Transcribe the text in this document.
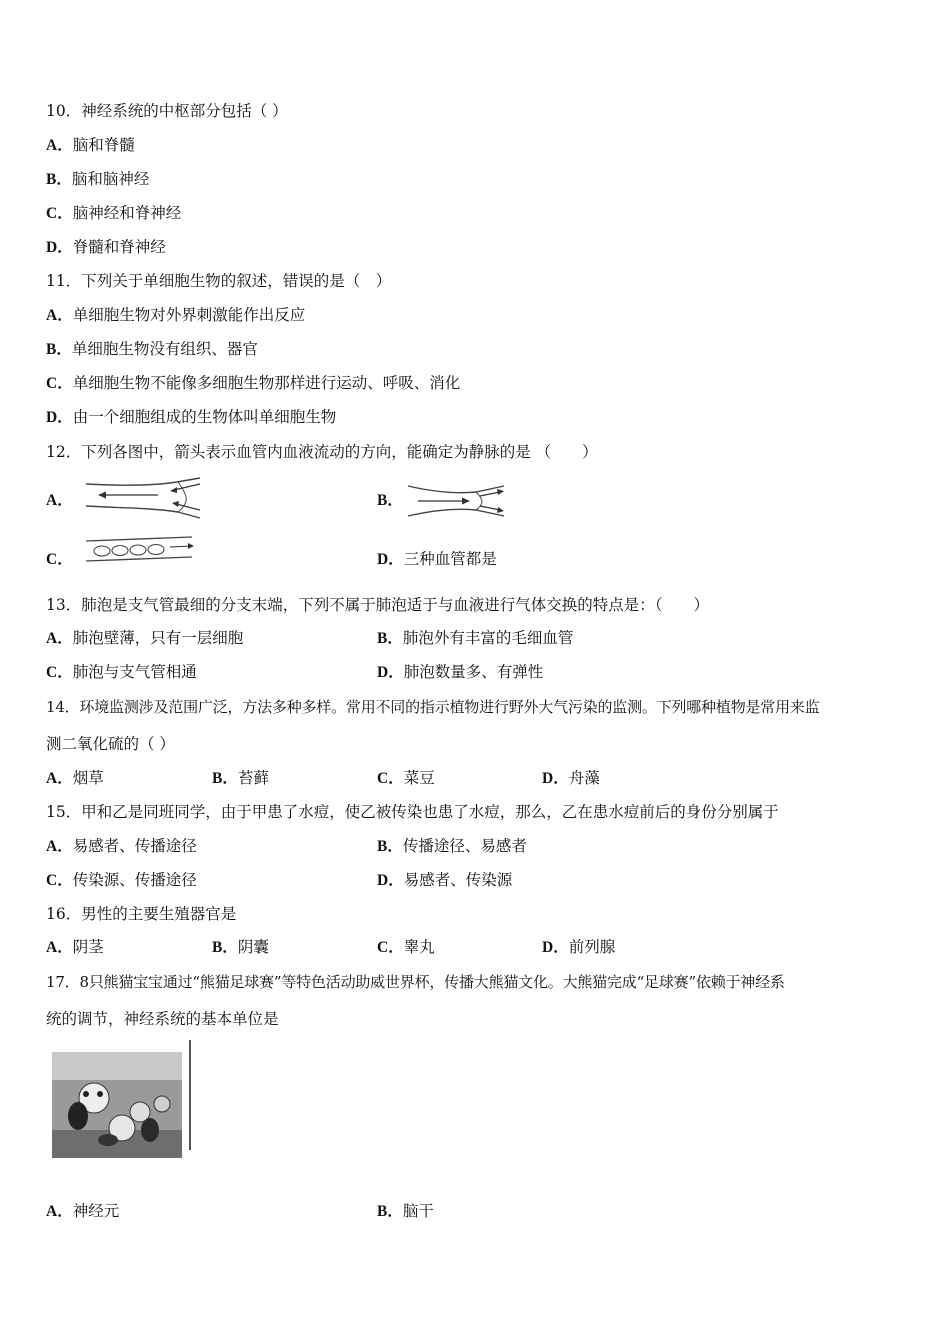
10．神经系统的中枢部分包括（ ）
A．脑和脊髓
B．脑和脑神经
C．脑神经和脊神经
D．脊髓和脊神经
11．下列关于单细胞生物的叙述，错误的是（　）
A．单细胞生物对外界刺激能作出反应
B．单细胞生物没有组织、器官
C．单细胞生物不能像多细胞生物那样进行运动、呼吸、消化
D．由一个细胞组成的生物体叫单细胞生物
12．下列各图中，箭头表示血管内血液流动的方向，能确定为静脉的是 （　　）
A．	B．
C．	D．三种血管都是
13．肺泡是支气管最细的分支末端，下列不属于肺泡适于与血液进行气体交换的特点是：（　　）
A．肺泡壁薄，只有一层细胞	B．肺泡外有丰富的毛细血管
C．肺泡与支气管相通	D．肺泡数量多、有弹性
14．环境监测涉及范围广泛，方法多种多样。常用不同的指示植物进行野外大气污染的监测。下列哪种植物是常用来监
测二氧化硫的（ ）
A．烟草	B．苔藓	C．菜豆	D．舟藻
15．甲和乙是同班同学，由于甲患了水痘，使乙被传染也患了水痘，那么，乙在患水痘前后的身份分别属于
A．易感者、传播途径	B．传播途径、易感者
C．传染源、传播途径	D．易感者、传染源
16．男性的主要生殖器官是
A．阴茎	B．阴囊	C．睾丸	D．前列腺
17．8只熊猫宝宝通过“熊猫足球赛”等特色活动助威世界杯，传播大熊猫文化。大熊猫完成“足球赛”依赖于神经系
统的调节，神经系统的基本单位是
A．神经元	B．脑干
